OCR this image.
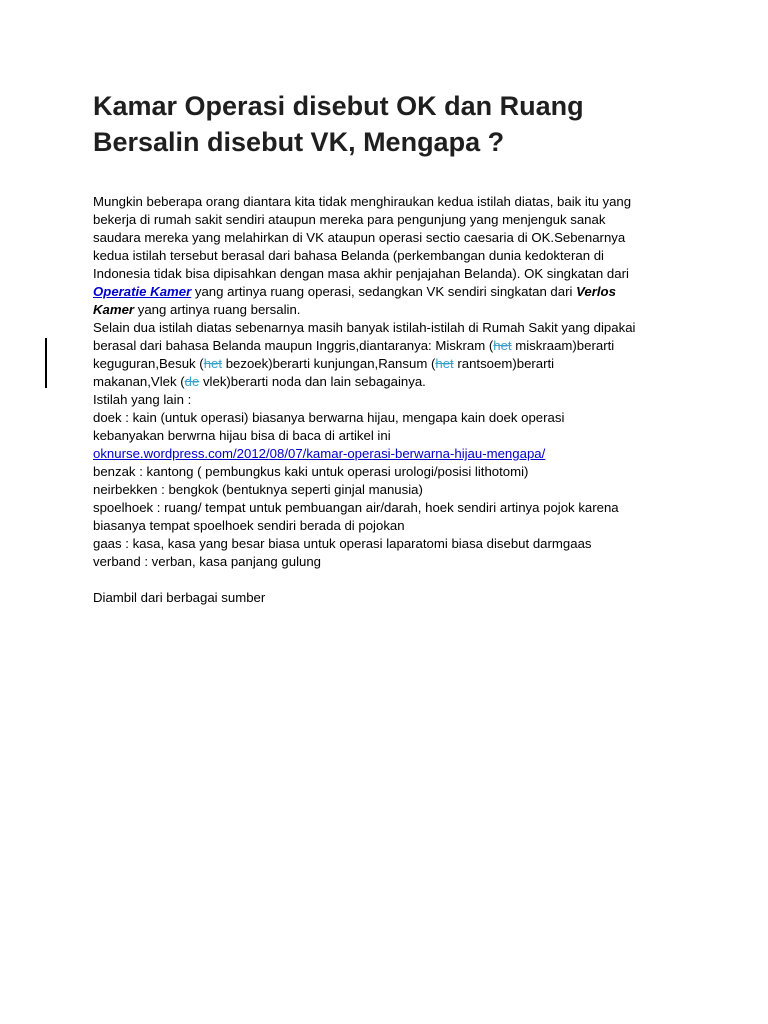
Kamar Operasi disebut OK dan Ruang
Bersalin disebut VK, Mengapa ?

Mungkin beberapa orang diantara kita tidak menghiraukan kedua istilah diatas, baik itu yang
bekerja di rumah sakit sendiri ataupun mereka para pengunjung yang menjenguk sanak
saudara mereka yang melahirkan di VK ataupun operasi sectio caesaria di OK.Sebenarnya
kedua istilah tersebut berasal dari bahasa Belanda (perkembangan dunia kedokteran di
Indonesia tidak bisa dipisahkan dengan masa akhir penjajahan Belanda). OK singkatan dari
Operatie Kamer yang artinya ruang operasi, sedangkan VK sendiri singkatan dari Verlos
Kamer yang artinya ruang bersalin.

Selain dua istilah diatas sebenarnya masih banyak istilah-istilah di Rumah Sakit yang dipakai
berasal dari bahasa Belanda maupun Inggris,diantaranya: Miskram (het miskraam)berarti
keguguran,Besuk (het bezoek)berarti kunjungan,Ransum (het rantsoem)berarti
makanan,Vlek (de vlek)berarti noda dan lain sebagainya.

Istilah yang lain :
doek : kain (untuk operasi) biasanya berwarna hijau, mengapa kain doek operasi
kebanyakan berwrna hijau bisa di baca di artikel ini
oknurse.wordpress.com/2012/08/07/kamar-operasi-berwarna-hijau-mengapa/
benzak : kantong ( pembungkus kaki untuk operasi urologi/posisi lithotomi)
neirbekken : bengkok (bentuknya seperti ginjal manusia)
spoelhoek : ruang/ tempat untuk pembuangan air/darah, hoek sendiri artinya pojok karena
biasanya tempat spoelhoek sendiri berada di pojokan
gaas : kasa, kasa yang besar biasa untuk operasi laparatomi biasa disebut darmgaas
verband : verban, kasa panjang gulung

Diambil dari berbagai sumber
